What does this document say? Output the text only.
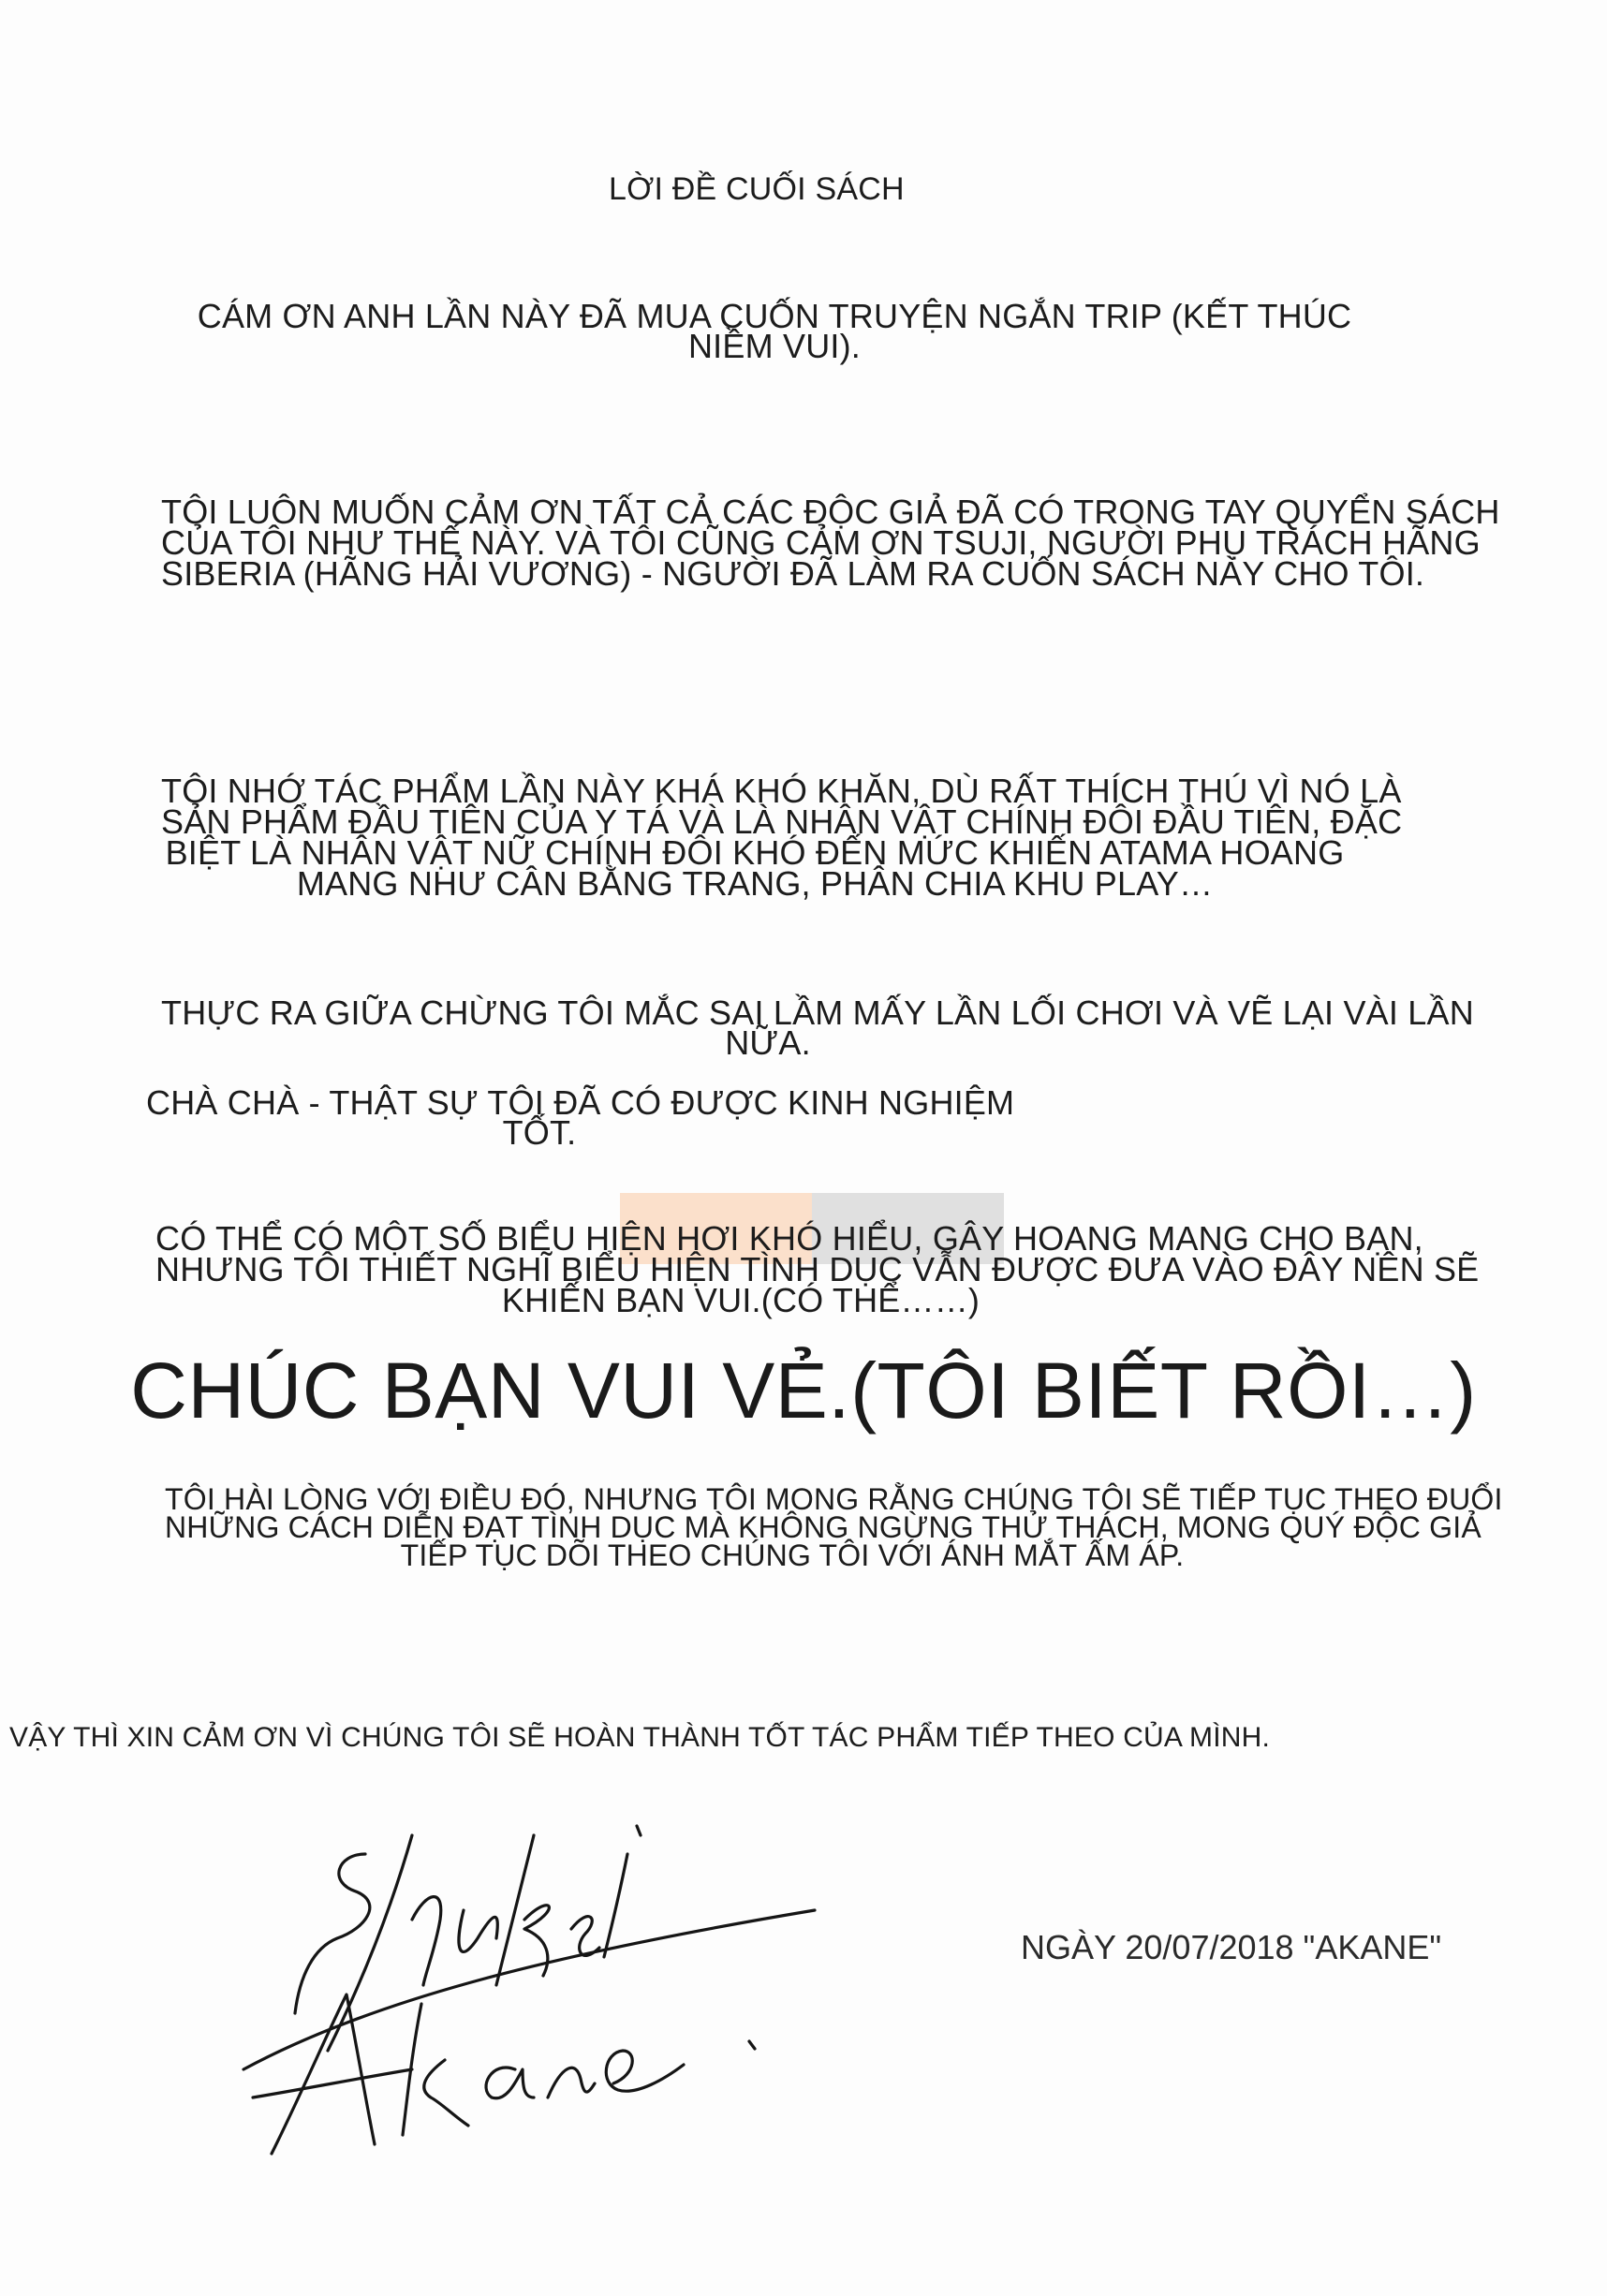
LỜI ĐỀ CUỐI SÁCH
CÁM ƠN ANH LẦN NÀY ĐÃ MUA CUỐN TRUYỆN NGẮN TRIP (KẾT THÚC
NIỀM VUI).
TÔI LUÔN MUỐN CẢM ƠN TẤT CẢ CÁC ĐỘC GIẢ ĐÃ CÓ TRONG TAY QUYỂN SÁCH
CỦA TÔI NHƯ THẾ NÀY. VÀ TÔI CŨNG CẢM ƠN TSUJI, NGƯỜI PHỤ TRÁCH HÃNG
SIBERIA (HÃNG HẢI VƯƠNG) - NGƯỜI ĐÃ LÀM RA CUỐN SÁCH NÀY CHO TÔI.
TÔI NHỚ TÁC PHẨM LẦN NÀY KHÁ KHÓ KHĂN, DÙ RẤT THÍCH THÚ VÌ NÓ LÀ
SẢN PHẨM ĐẦU TIÊN CỦA Y TÁ VÀ LÀ NHÂN VẬT CHÍNH ĐÔI ĐẦU TIÊN, ĐẶC
BIỆT LÀ NHÂN VẬT NỮ CHÍNH ĐÔI KHÓ ĐẾN MỨC KHIẾN ATAMA HOANG
MANG NHƯ CÂN BẰNG TRANG, PHÂN CHIA KHU PLAY…
THỰC RA GIỮA CHỪNG TÔI MẮC SAI LẦM MẤY LẦN LỐI CHƠI VÀ VẼ LẠI VÀI LẦN
NỮA.
CHÀ CHÀ - THẬT SỰ TÔI ĐÃ CÓ ĐƯỢC KINH NGHIỆM
TỐT.
CÓ THỂ CÓ MỘT SỐ BIỂU HIỆN HƠI KHÓ HIỂU, GÂY HOANG MANG CHO BẠN,
NHƯNG TÔI THIẾT NGHĨ BIỂU HIỆN TÌNH DỤC VẪN ĐƯỢC ĐƯA VÀO ĐÂY NÊN SẼ
KHIẾN BẠN VUI.(CÓ THỂ……)
CHÚC BẠN VUI VẺ.(TÔI BIẾT RỒI…)
TÔI HÀI LÒNG VỚI ĐIỀU ĐÓ, NHƯNG TÔI MONG RẰNG CHÚNG TÔI SẼ TIẾP TỤC THEO ĐUỔI
NHỮNG CÁCH DIỄN ĐẠT TÌNH DỤC MÀ KHÔNG NGỪNG THỬ THÁCH, MONG QUÝ ĐỘC GIẢ
TIẾP TỤC DÕI THEO CHÚNG TÔI VỚI ÁNH MẮT ẤM ÁP.
VẬY THÌ XIN CẢM ƠN VÌ CHÚNG TÔI SẼ HOÀN THÀNH TỐT TÁC PHẨM TIẾP THEO CỦA MÌNH.
NGÀY 20/07/2018 "AKANE"
